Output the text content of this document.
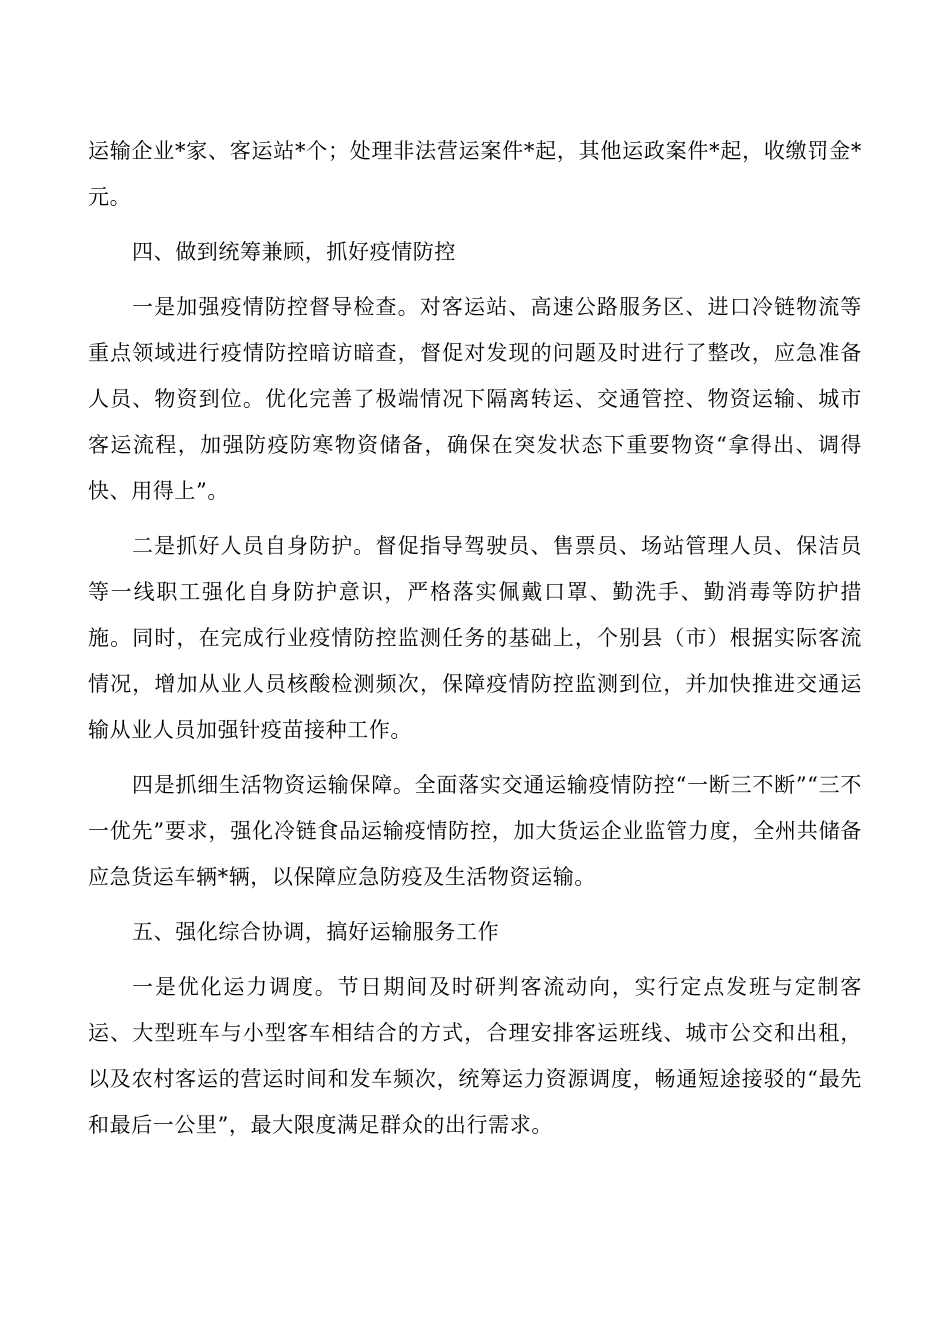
运输企业*家、客运站*个；处理非法营运案件*起，其他运政案件*起，收缴罚金*元。

四、做到统筹兼顾，抓好疫情防控

一是加强疫情防控督导检查。对客运站、高速公路服务区、进口冷链物流等重点领域进行疫情防控暗访暗查，督促对发现的问题及时进行了整改，应急准备人员、物资到位。优化完善了极端情况下隔离转运、交通管控、物资运输、城市客运流程，加强防疫防寒物资储备，确保在突发状态下重要物资“拿得出、调得快、用得上”。

二是抓好人员自身防护。督促指导驾驶员、售票员、场站管理人员、保洁员等一线职工强化自身防护意识，严格落实佩戴口罩、勤洗手、勤消毒等防护措施。同时，在完成行业疫情防控监测任务的基础上，个别县（市）根据实际客流情况，增加从业人员核酸检测频次，保障疫情防控监测到位，并加快推进交通运输从业人员加强针疫苗接种工作。

四是抓细生活物资运输保障。全面落实交通运输疫情防控“一断三不断”“三不一优先”要求，强化冷链食品运输疫情防控，加大货运企业监管力度，全州共储备应急货运车辆*辆，以保障应急防疫及生活物资运输。

五、强化综合协调，搞好运输服务工作

一是优化运力调度。节日期间及时研判客流动向，实行定点发班与定制客运、大型班车与小型客车相结合的方式，合理安排客运班线、城市公交和出租，以及农村客运的营运时间和发车频次，统筹运力资源调度，畅通短途接驳的“最先和最后一公里”，最大限度满足群众的出行需求。
